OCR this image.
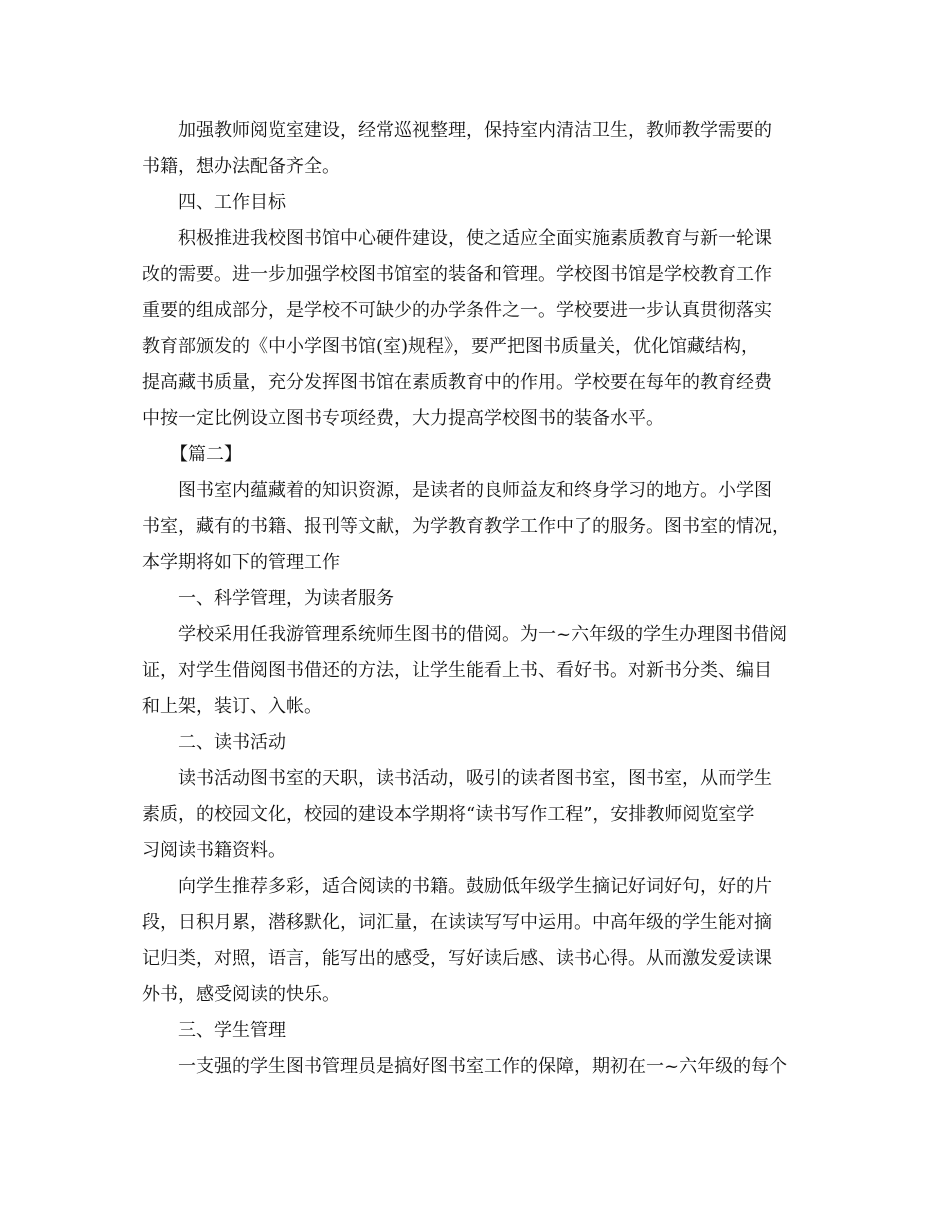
加强教师阅览室建设，经常巡视整理，保持室内清洁卫生，教师教学需要的
书籍，想办法配备齐全。
四、工作目标
积极推进我校图书馆中心硬件建设，使之适应全面实施素质教育与新一轮课
改的需要。进一步加强学校图书馆室的装备和管理。学校图书馆是学校教育工作
重要的组成部分，是学校不可缺少的办学条件之一。学校要进一步认真贯彻落实
教育部颁发的《中小学图书馆(室)规程》，要严把图书质量关，优化馆藏结构，
提高藏书质量，充分发挥图书馆在素质教育中的作用。学校要在每年的教育经费
中按一定比例设立图书专项经费，大力提高学校图书的装备水平。
【篇二】
图书室内蕴藏着的知识资源，是读者的良师益友和终身学习的地方。小学图
书室，藏有的书籍、报刊等文献，为学教育教学工作中了的服务。图书室的情况，
本学期将如下的管理工作
一、科学管理，为读者服务
学校采用任我游管理系统师生图书的借阅。为一~六年级的学生办理图书借阅
证，对学生借阅图书借还的方法，让学生能看上书、看好书。对新书分类、编目
和上架，装订、入帐。
二、读书活动
读书活动图书室的天职，读书活动，吸引的读者图书室，图书室，从而学生
素质，的校园文化，校园的建设本学期将“读书写作工程”，安排教师阅览室学
习阅读书籍资料。
向学生推荐多彩，适合阅读的书籍。鼓励低年级学生摘记好词好句，好的片
段，日积月累，潜移默化，词汇量，在读读写写中运用。中高年级的学生能对摘
记归类，对照，语言，能写出的感受，写好读后感、读书心得。从而激发爱读课
外书，感受阅读的快乐。
三、学生管理
一支强的学生图书管理员是搞好图书室工作的保障，期初在一~六年级的每个
